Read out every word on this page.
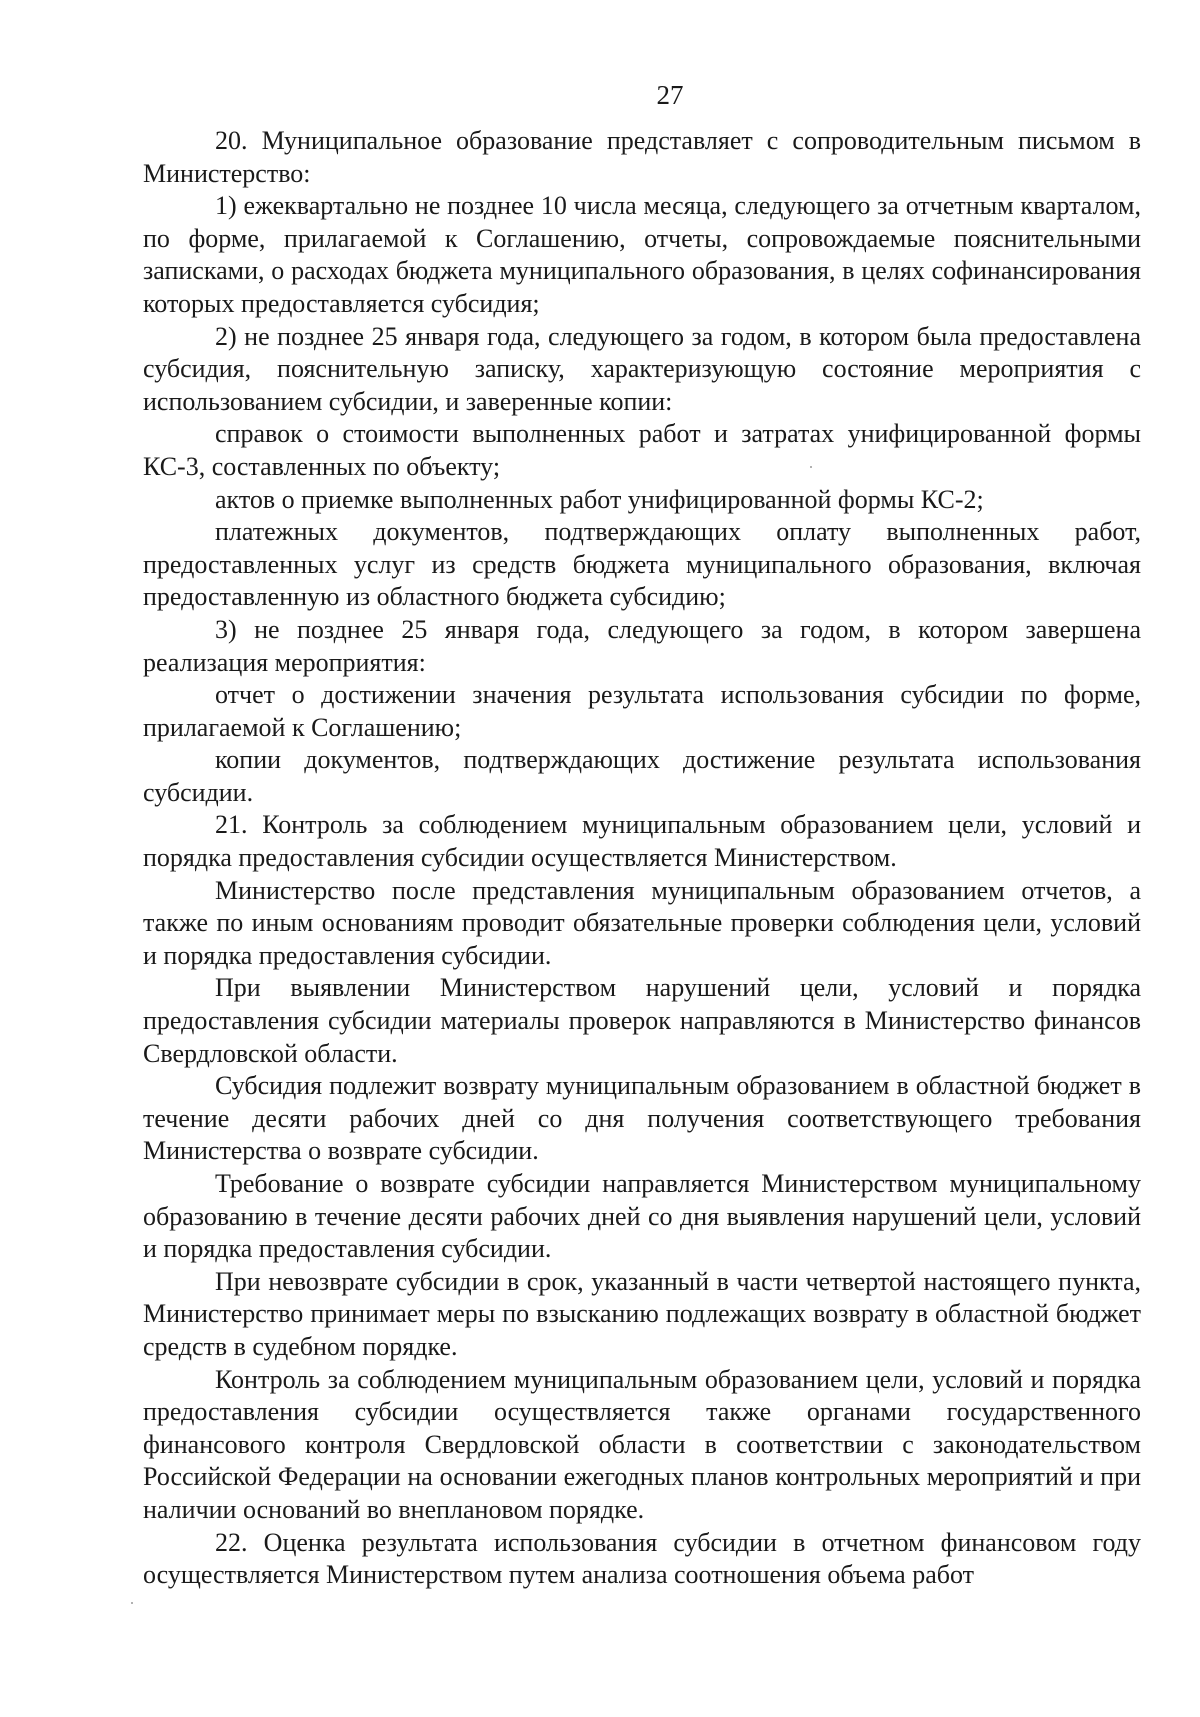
27

20. Муниципальное образование представляет с сопроводительным письмом в Министерство:

1) ежеквартально не позднее 10 числа месяца, следующего за отчетным кварталом, по форме, прилагаемой к Соглашению, отчеты, сопровождаемые пояснительными записками, о расходах бюджета муниципального образования, в целях софинансирования которых предоставляется субсидия;

2) не позднее 25 января года, следующего за годом, в котором была предоставлена субсидия, пояснительную записку, характеризующую состояние мероприятия с использованием субсидии, и заверенные копии:

справок о стоимости выполненных работ и затратах унифицированной формы КС-3, составленных по объекту;

актов о приемке выполненных работ унифицированной формы КС-2;

платежных документов, подтверждающих оплату выполненных работ, предоставленных услуг из средств бюджета муниципального образования, включая предоставленную из областного бюджета субсидию;

3) не позднее 25 января года, следующего за годом, в котором завершена реализация мероприятия:

отчет о достижении значения результата использования субсидии по форме, прилагаемой к Соглашению;

копии документов, подтверждающих достижение результата использования субсидии.

21. Контроль за соблюдением муниципальным образованием цели, условий и порядка предоставления субсидии осуществляется Министерством.

Министерство после представления муниципальным образованием отчетов, а также по иным основаниям проводит обязательные проверки соблюдения цели, условий и порядка предоставления субсидии.

При выявлении Министерством нарушений цели, условий и порядка предоставления субсидии материалы проверок направляются в Министерство финансов Свердловской области.

Субсидия подлежит возврату муниципальным образованием в областной бюджет в течение десяти рабочих дней со дня получения соответствующего требования Министерства о возврате субсидии.

Требование о возврате субсидии направляется Министерством муниципальному образованию в течение десяти рабочих дней со дня выявления нарушений цели, условий и порядка предоставления субсидии.

При невозврате субсидии в срок, указанный в части четвертой настоящего пункта, Министерство принимает меры по взысканию подлежащих возврату в областной бюджет средств в судебном порядке.

Контроль за соблюдением муниципальным образованием цели, условий и порядка предоставления субсидии осуществляется также органами государственного финансового контроля Свердловской области в соответствии с законодательством Российской Федерации на основании ежегодных планов контрольных мероприятий и при наличии оснований во внеплановом порядке.

22. Оценка результата использования субсидии в отчетном финансовом году осуществляется Министерством путем анализа соотношения объема работ
